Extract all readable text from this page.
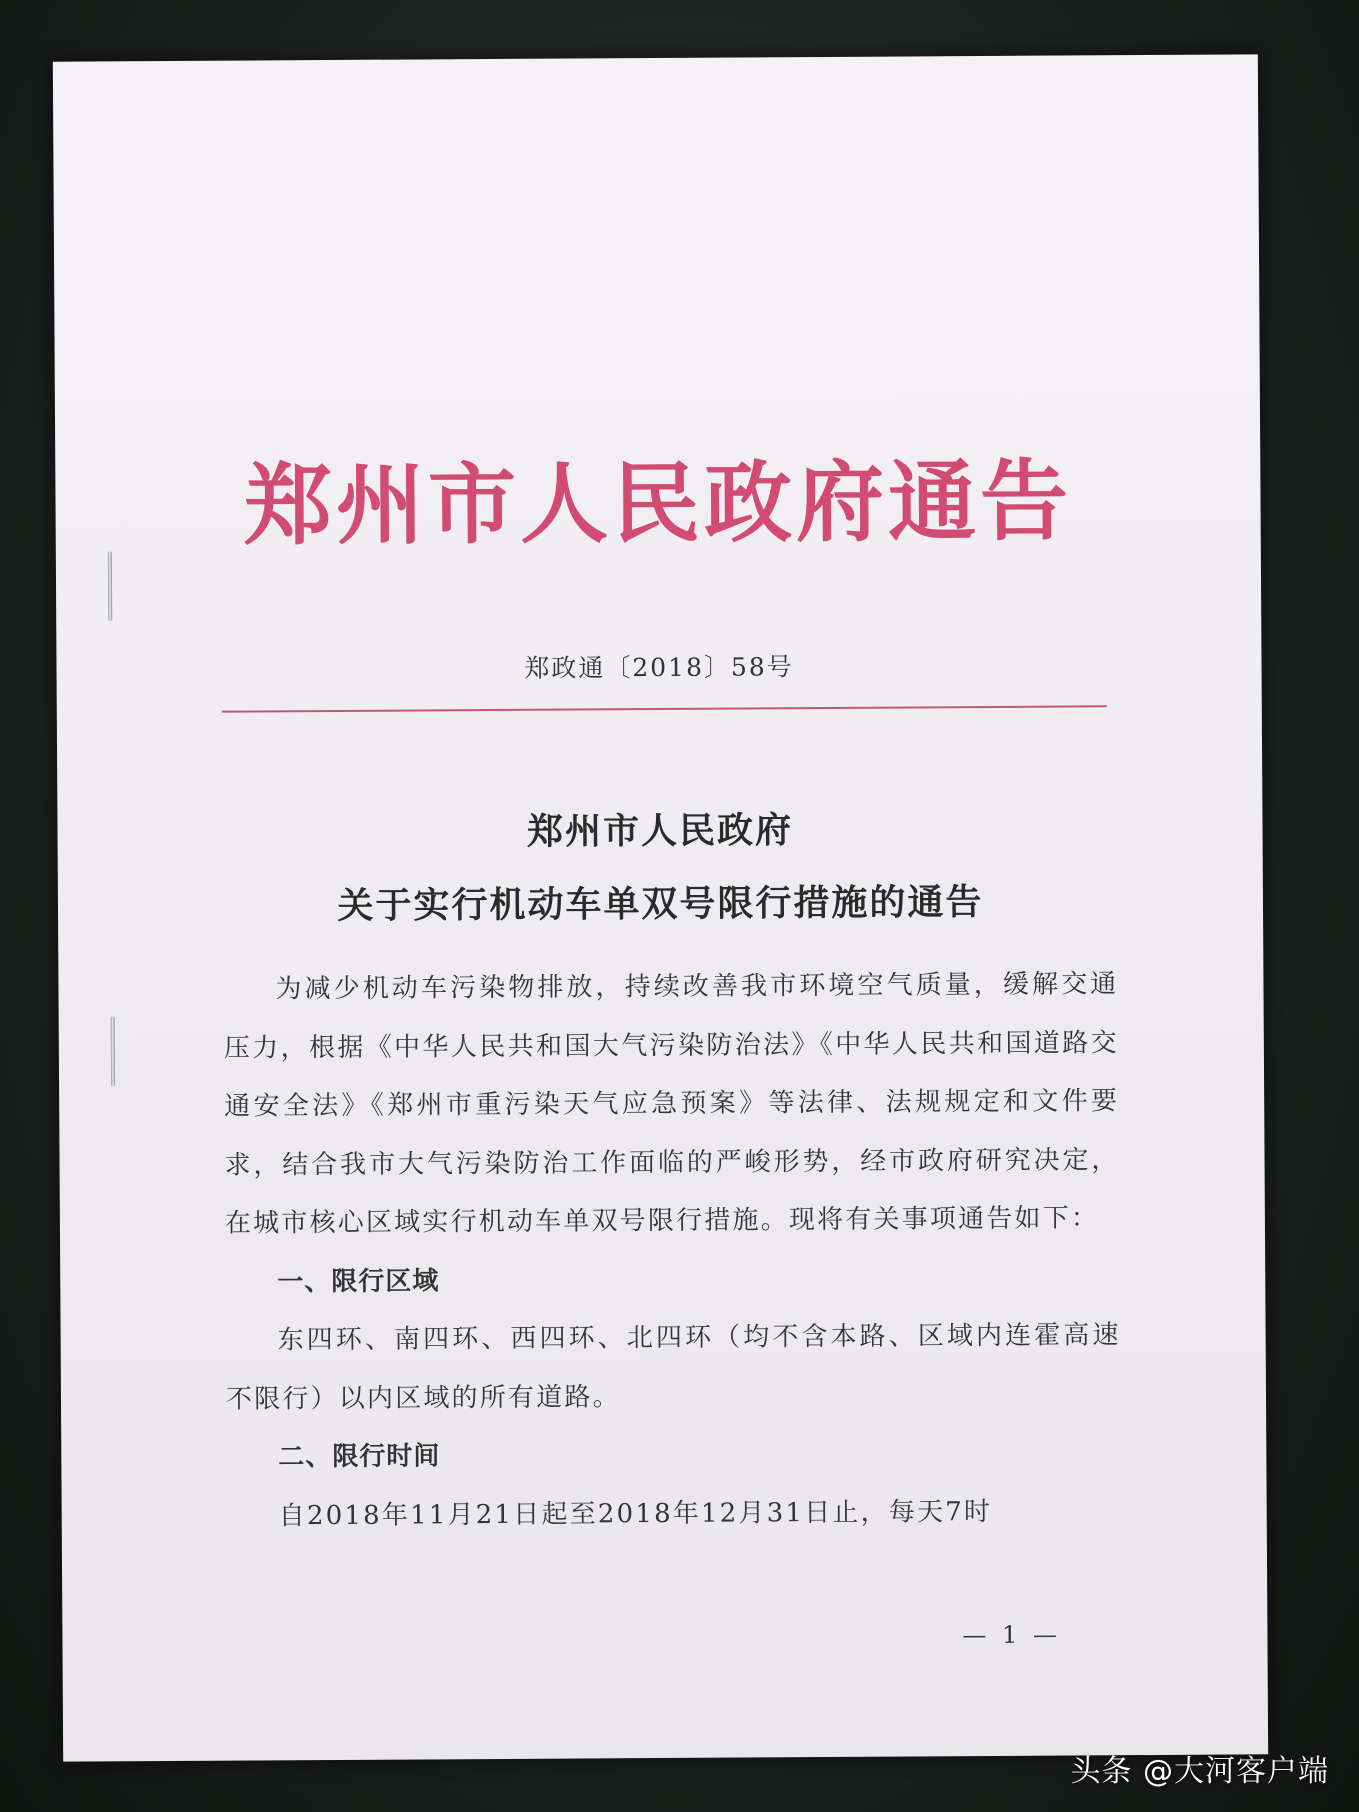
郑州市人民政府通告
郑政通〔2018〕58号
郑州市人民政府
关于实行机动车单双号限行措施的通告

为减少机动车污染物排放，持续改善我市环境空气质量，缓解交通压力，根据《中华人民共和国大气污染防治法》《中华人民共和国道路交通安全法》《郑州市重污染天气应急预案》等法律、法规规定和文件要求，结合我市大气污染防治工作面临的严峻形势，经市政府研究决定，在城市核心区域实行机动车单双号限行措施。现将有关事项通告如下：

一、限行区域

东四环、南四环、西四环、北四环（均不含本路、区域内连霍高速不限行）以内区域的所有道路。

二、限行时间

自2018年11月21日起至2018年12月31日止，每天7时

— 1 —
头条 @大河客户端
